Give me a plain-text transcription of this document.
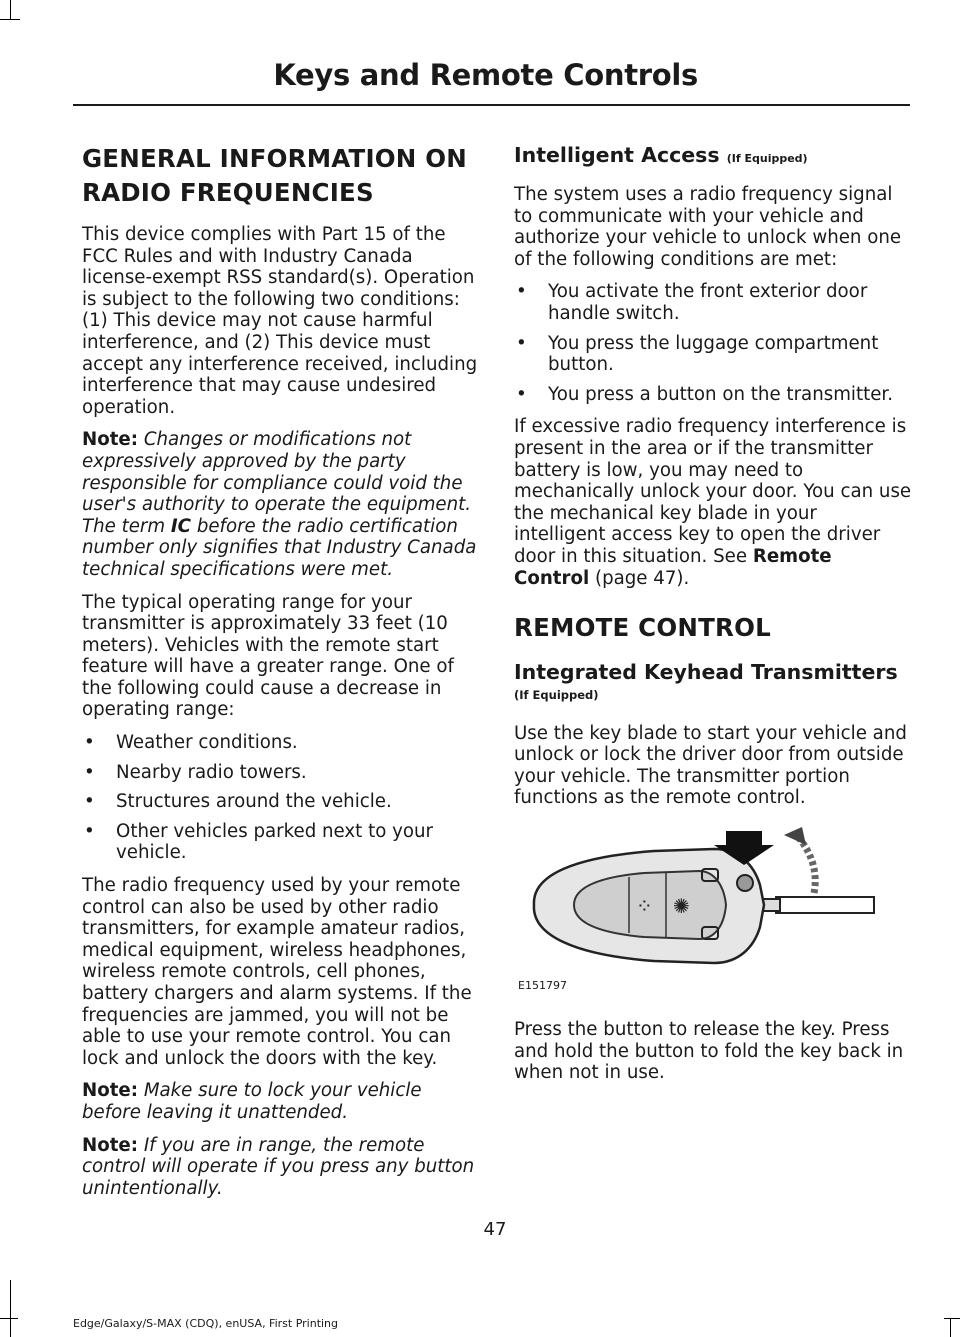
Keys and Remote Controls
GENERAL INFORMATION ON RADIO FREQUENCIES

This device complies with Part 15 of the FCC Rules and with Industry Canada license-exempt RSS standard(s). Operation is subject to the following two conditions: (1) This device may not cause harmful interference, and (2) This device must accept any interference received, including interference that may cause undesired operation.

Note: Changes or modifications not expressively approved by the party responsible for compliance could void the user's authority to operate the equipment. The term IC before the radio certification number only signifies that Industry Canada technical specifications were met.

The typical operating range for your transmitter is approximately 33 feet (10 meters). Vehicles with the remote start feature will have a greater range. One of the following could cause a decrease in operating range:

• Weather conditions.
• Nearby radio towers.
• Structures around the vehicle.
• Other vehicles parked next to your vehicle.

The radio frequency used by your remote control can also be used by other radio transmitters, for example amateur radios, medical equipment, wireless headphones, wireless remote controls, cell phones, battery chargers and alarm systems. If the frequencies are jammed, you will not be able to use your remote control. You can lock and unlock the doors with the key.

Note: Make sure to lock your vehicle before leaving it unattended.

Note: If you are in range, the remote control will operate if you press any button unintentionally.

Intelligent Access (If Equipped)

The system uses a radio frequency signal to communicate with your vehicle and authorize your vehicle to unlock when one of the following conditions are met:

• You activate the front exterior door handle switch.
• You press the luggage compartment button.
• You press a button on the transmitter.

If excessive radio frequency interference is present in the area or if the transmitter battery is low, you may need to mechanically unlock your door. You can use the mechanical key blade in your intelligent access key to open the driver door in this situation. See Remote Control (page 47).

REMOTE CONTROL
Integrated Keyhead Transmitters
(If Equipped)

Use the key blade to start your vehicle and unlock or lock the driver door from outside your vehicle. The transmitter portion functions as the remote control.

⁘ ✺
E151797

Press the button to release the key. Press and hold the button to fold the key back in when not in use.

47
Edge/Galaxy/S-MAX (CDQ), enUSA, First Printing
